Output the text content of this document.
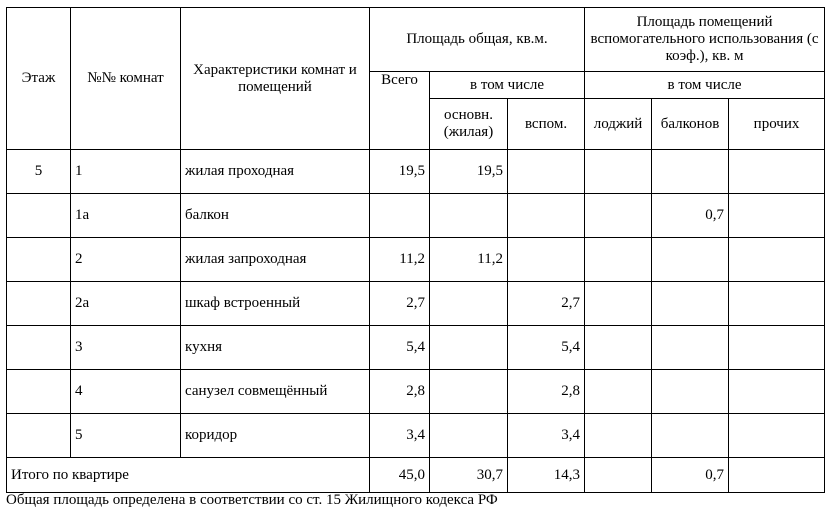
Этаж	№№ комнат	Характеристики комнат и помещений	Площадь общая, кв.м.			Площадь помещений вспомогательного использования (с коэф.), кв. м		
			Всего	в том числе		в том числе		
				основн.(жилая)	вспом.	лоджий	балконов	прочих
5	1	жилая проходная	19,5	19,5				
	1а	балкон					0,7	
	2	жилая запроходная	11,2	11,2				
	2а	шкаф встроенный	2,7		2,7			
	3	кухня	5,4		5,4			
	4	санузел совмещённый	2,8		2,8			
	5	коридор	3,4		3,4			
Итого по квартире			45,0	30,7	14,3		0,7	
Общая площадь определена в соответствии со ст. 15 Жилищного кодекса РФ
